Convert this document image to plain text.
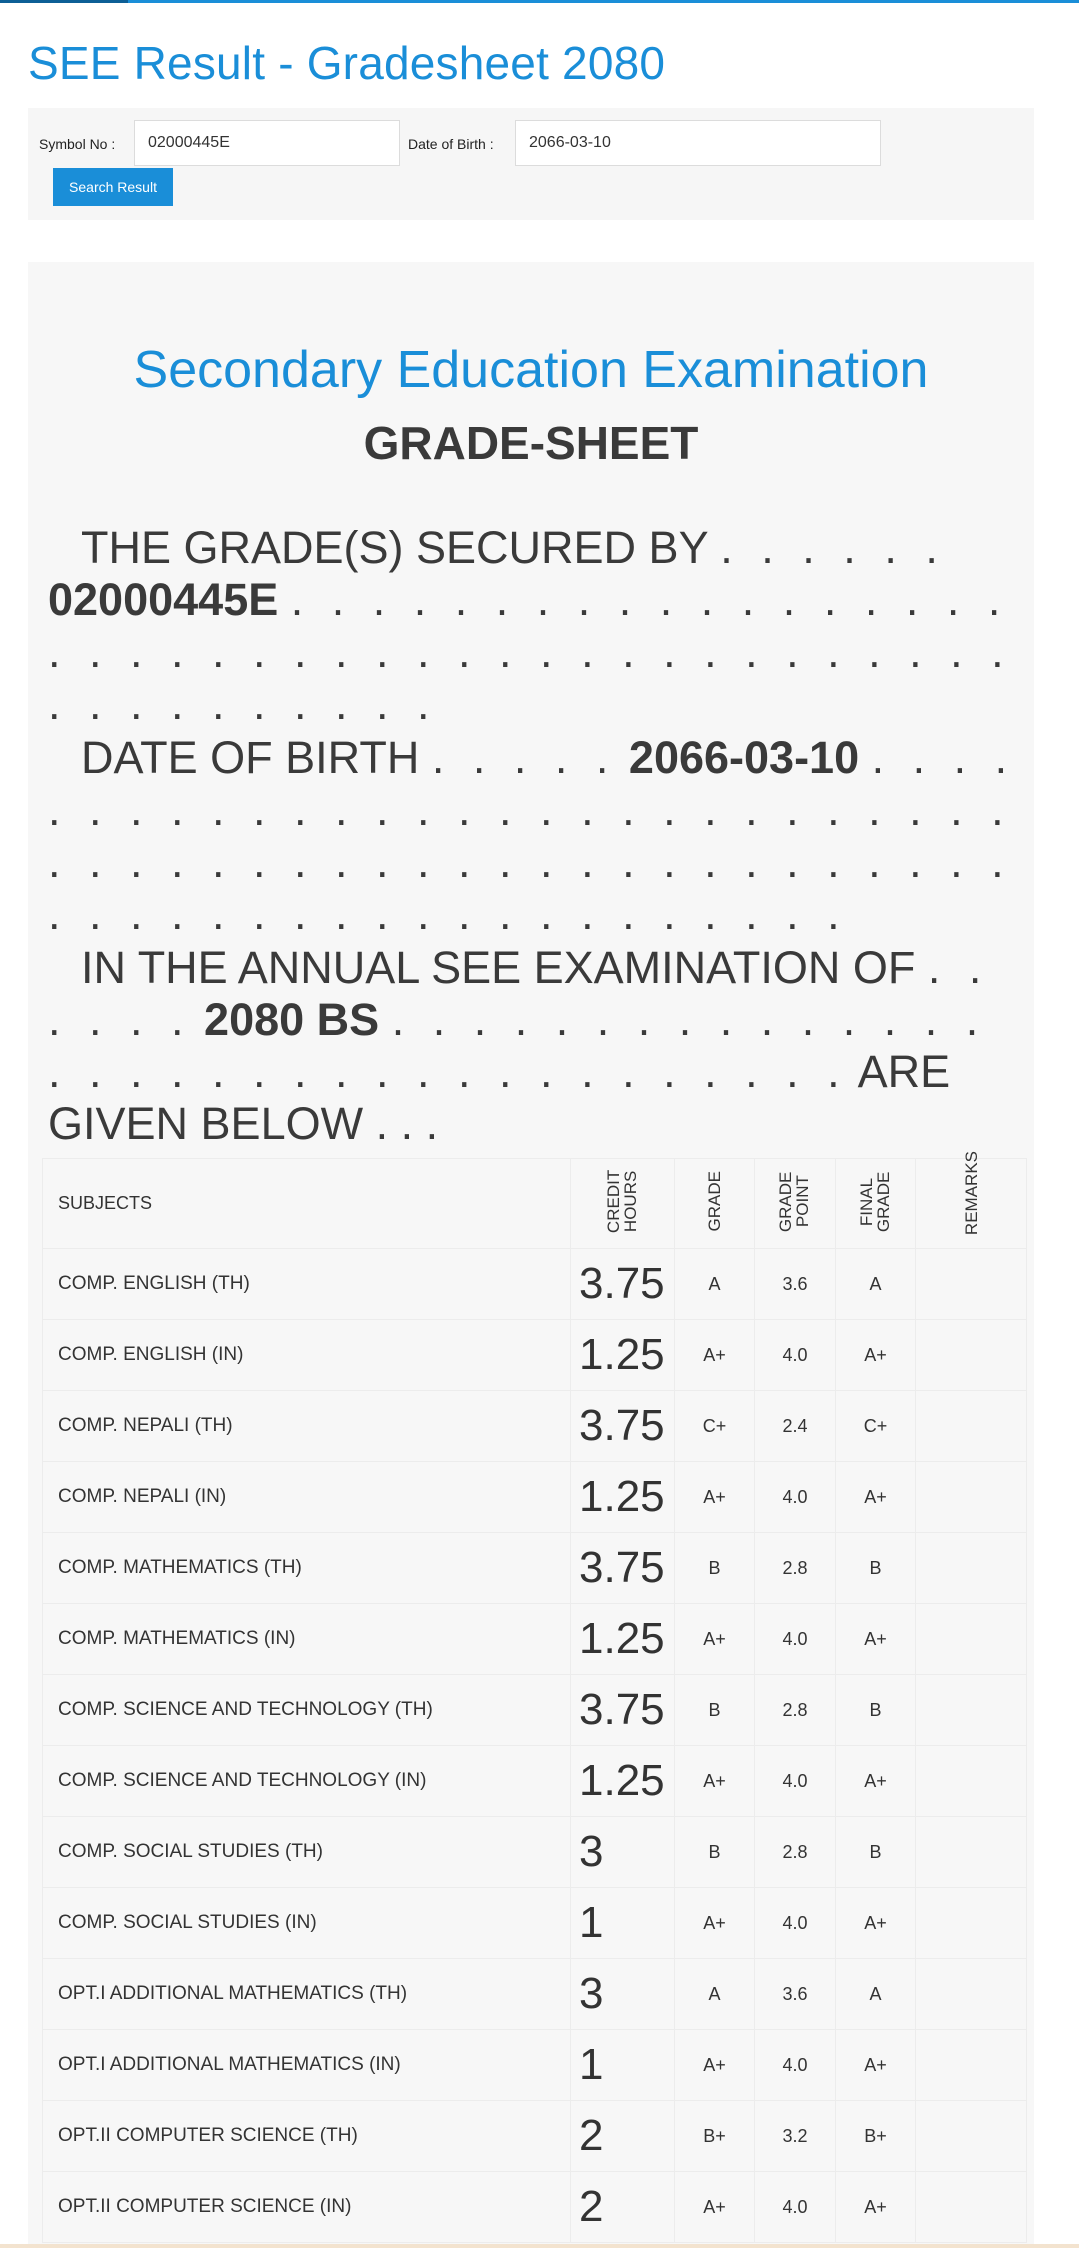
SEE Result - Gradesheet 2080
Symbol No :
02000445E	Date of Birth :
2066-03-10
Search Result
Secondary Education Examination
GRADE-SHEET
THE GRADE(S) SECURED BY . . . . . . 02000445E . . . . . . . . . . . . . . . . . . . . . . . . . . . . . . . . . . . . . . . . . . . . . . . . . . . .
DATE OF BIRTH . . . . . 2066-03-10 . . . . . . . . . . . . . . . . . . . . . . . . . . . . . . . . . . . . . . . . . . . . . . . . . . . . . . . . . . . . . . . . . . . . . . . .
IN THE ANNUAL SEE EXAMINATION OF . . . . . . 2080 BS . . . . . . . . . . . . . . . . . . . . . . . . . . . . . . . . . . . ARE GIVEN BELOW . . .
SUBJECTS	CREDIT HOURS	GRADE	GRADE POINT	FINAL GRADE	REMARKS
COMP. ENGLISH (TH)	3.75	A	3.6	A	
COMP. ENGLISH (IN)	1.25	A+	4.0	A+	
COMP. NEPALI (TH)	3.75	C+	2.4	C+	
COMP. NEPALI (IN)	1.25	A+	4.0	A+	
COMP. MATHEMATICS (TH)	3.75	B	2.8	B	
COMP. MATHEMATICS (IN)	1.25	A+	4.0	A+	
COMP. SCIENCE AND TECHNOLOGY (TH)	3.75	B	2.8	B	
COMP. SCIENCE AND TECHNOLOGY (IN)	1.25	A+	4.0	A+	
COMP. SOCIAL STUDIES (TH)	3	B	2.8	B	
COMP. SOCIAL STUDIES (IN)	1	A+	4.0	A+	
OPT.I ADDITIONAL MATHEMATICS (TH)	3	A	3.6	A	
OPT.I ADDITIONAL MATHEMATICS (IN)	1	A+	4.0	A+	
OPT.II COMPUTER SCIENCE (TH)	2	B+	3.2	B+	
OPT.II COMPUTER SCIENCE (IN)	2	A+	4.0	A+	
